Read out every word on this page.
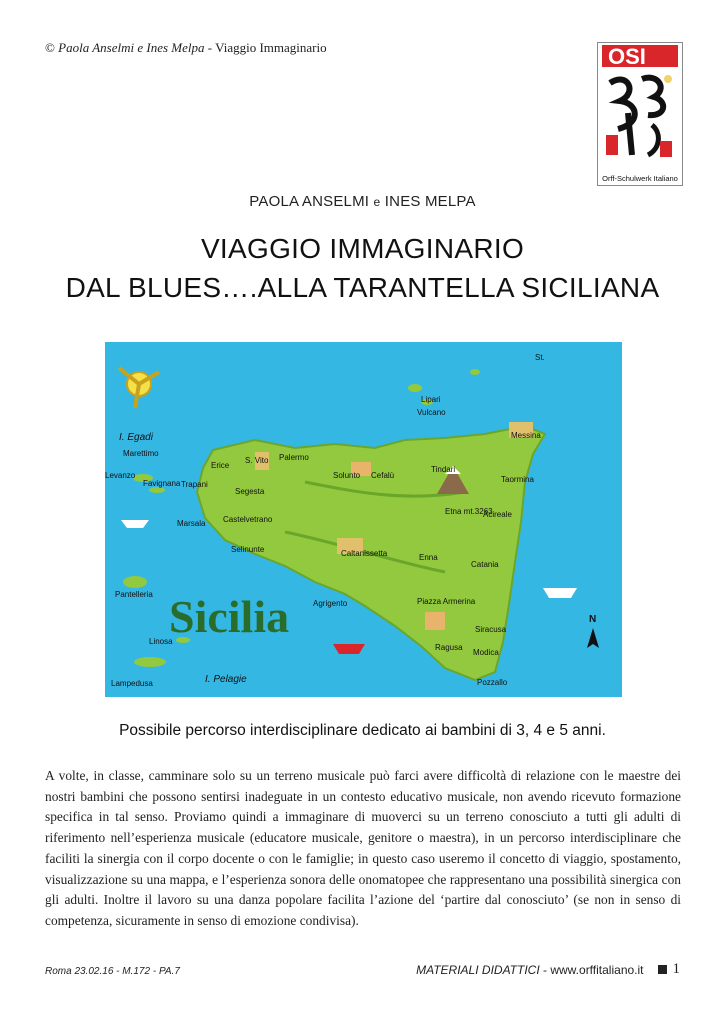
© Paola Anselmi e Ines Melpa - Viaggio Immaginario	OSI
Orff-Schulwerk Italiano
PAOLA ANSELMI e INES MELPA
VIAGGIO IMMAGINARIO
DAL BLUES….ALLA TARANTELLA SICILIANA
Sicilia
I. Egadi
Marettimo
Levanzo
Favignana Trapani
Erice
S. Vito Palermo
Solunto Cefalù
Segesta
Castelvetrano
Marsala
Selinunte	Caltanissetta	Enna
Tindari
Lipari
Vulcano
Messina
Taormina
Etna mt.3263
Acireale
Catania
Agrigento	Piazza Armerina
Siracusa
Ragusa
Modica
Pantelleria
Linosa
Lampedusa	I. Pelagie	Pozzallo
St.
N
Possibile percorso interdisciplinare dedicato ai bambini di 3, 4 e 5 anni.

A volte, in classe, camminare solo su un terreno musicale può farci avere difficoltà di relazione con le maestre dei nostri bambini che possono sentirsi inadeguate in un contesto educativo musicale, non avendo ricevuto formazione specifica in tal senso. Proviamo quindi a immaginare di muoverci su un terreno conosciuto a tutti gli adulti di riferimento nell’esperienza musicale (educatore musicale, genitore o maestra), in un percorso interdisciplinare che faciliti la sinergia con il corpo docente o con le famiglie; in questo caso useremo il concetto di viaggio, spostamento, visualizzazione su una mappa, e l’esperienza sonora delle onomatopee che rappresentano una possibilità sinergica con gli adulti. Inoltre il lavoro su una danza popolare facilita l’azione del ‘partire dal conosciuto’ (se non in senso di competenza, sicuramente in senso di emozione condivisa).

Roma 23.02.16 - M.172 - PA.7	MATERIALI DIDATTICI - www.orffitaliano.it 1
